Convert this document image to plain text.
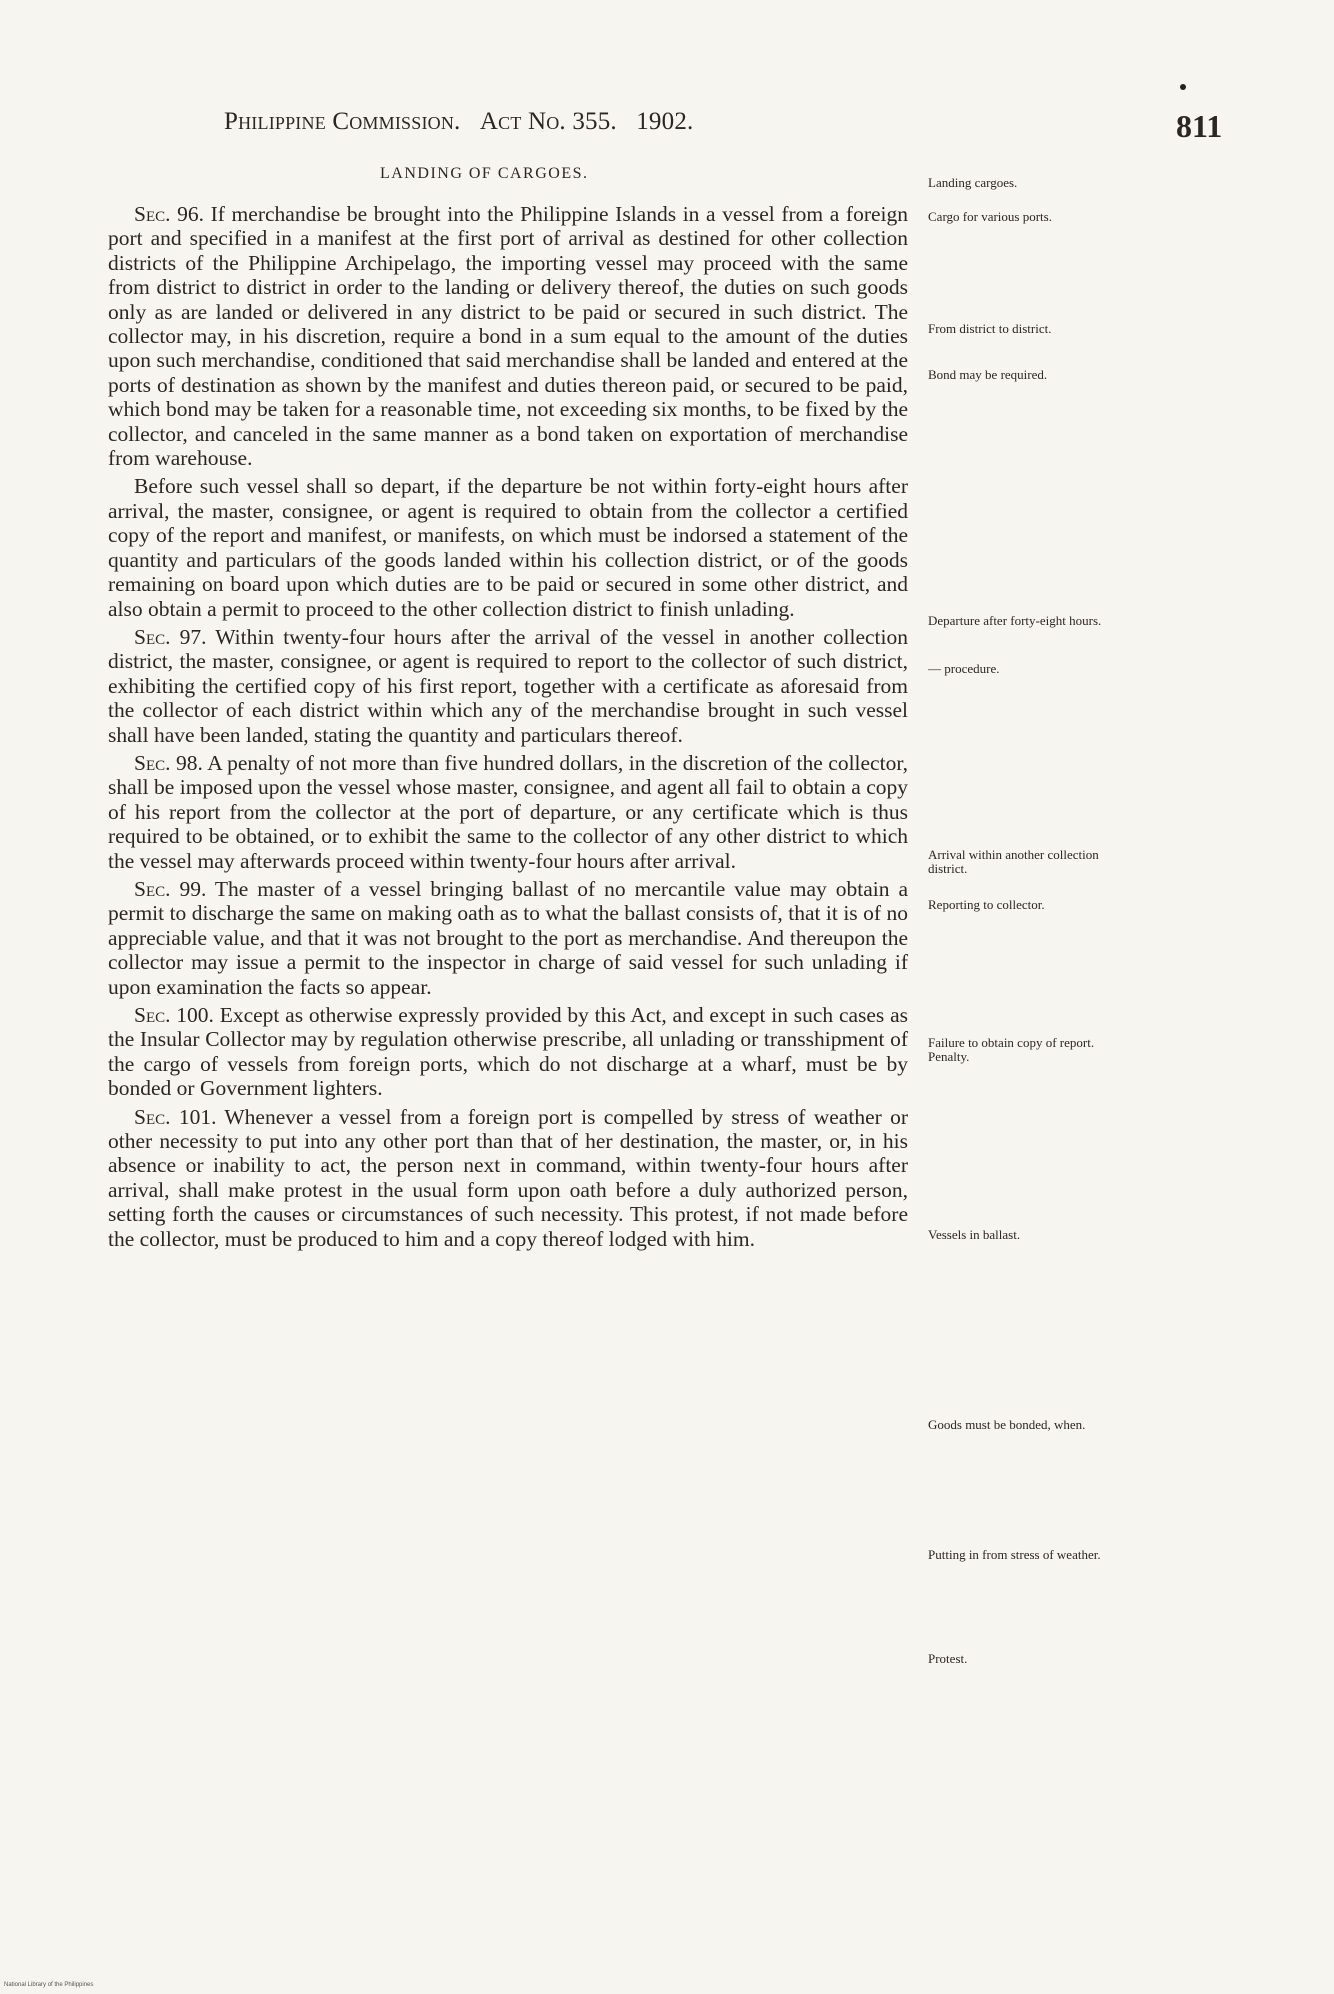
Philippine Commission. Act No. 355. 1902.	811
LANDING OF CARGOES.

Sec. 96. If merchandise be brought into the Philippine Islands in a vessel from a foreign port and specified in a manifest at the first port of arrival as destined for other collection districts of the Philippine Archipelago, the importing vessel may proceed with the same from district to district in order to the landing or delivery thereof, the duties on such goods only as are landed or delivered in any district to be paid or secured in such district. The collector may, in his discretion, require a bond in a sum equal to the amount of the duties upon such merchandise, conditioned that said merchandise shall be landed and entered at the ports of destination as shown by the manifest and duties thereon paid, or secured to be paid, which bond may be taken for a reasonable time, not exceeding six months, to be fixed by the collector, and canceled in the same manner as a bond taken on exportation of merchandise from warehouse.

Before such vessel shall so depart, if the departure be not within forty-eight hours after arrival, the master, consignee, or agent is required to obtain from the collector a certified copy of the report and manifest, or manifests, on which must be indorsed a statement of the quantity and particulars of the goods landed within his collection district, or of the goods remaining on board upon which duties are to be paid or secured in some other district, and also obtain a permit to proceed to the other collection district to finish unlading.

Sec. 97. Within twenty-four hours after the arrival of the vessel in another collection district, the master, consignee, or agent is required to report to the collector of such district, exhibiting the certified copy of his first report, together with a certificate as aforesaid from the collector of each district within which any of the merchandise brought in such vessel shall have been landed, stating the quantity and particulars thereof.

Sec. 98. A penalty of not more than five hundred dollars, in the discretion of the collector, shall be imposed upon the vessel whose master, consignee, and agent all fail to obtain a copy of his report from the collector at the port of departure, or any certificate which is thus required to be obtained, or to exhibit the same to the collector of any other district to which the vessel may afterwards proceed within twenty-four hours after arrival.

Sec. 99. The master of a vessel bringing ballast of no mercantile value may obtain a permit to discharge the same on making oath as to what the ballast consists of, that it is of no appreciable value, and that it was not brought to the port as merchandise. And thereupon the collector may issue a permit to the inspector in charge of said vessel for such unlading if upon examination the facts so appear.

Sec. 100. Except as otherwise expressly provided by this Act, and except in such cases as the Insular Collector may by regulation otherwise prescribe, all unlading or transshipment of the cargo of vessels from foreign ports, which do not discharge at a wharf, must be by bonded or Government lighters.

Sec. 101. Whenever a vessel from a foreign port is compelled by stress of weather or other necessity to put into any other port than that of her destination, the master, or, in his absence or inability to act, the person next in command, within twenty-four hours after arrival, shall make protest in the usual form upon oath before a duly authorized person, setting forth the causes or circumstances of such necessity. This protest, if not made before the collector, must be produced to him and a copy thereof lodged with him.

Landing cargoes.
Cargo for various ports.
From district to district.
Bond may be required.
Departure after forty-eight hours.
— procedure.
Arrival within another collection district.
Reporting to collector.
Failure to obtain copy of report. Penalty.
Vessels in ballast.
Goods must be bonded, when.
Putting in from stress of weather.
Protest.
National Library of the Philippines
